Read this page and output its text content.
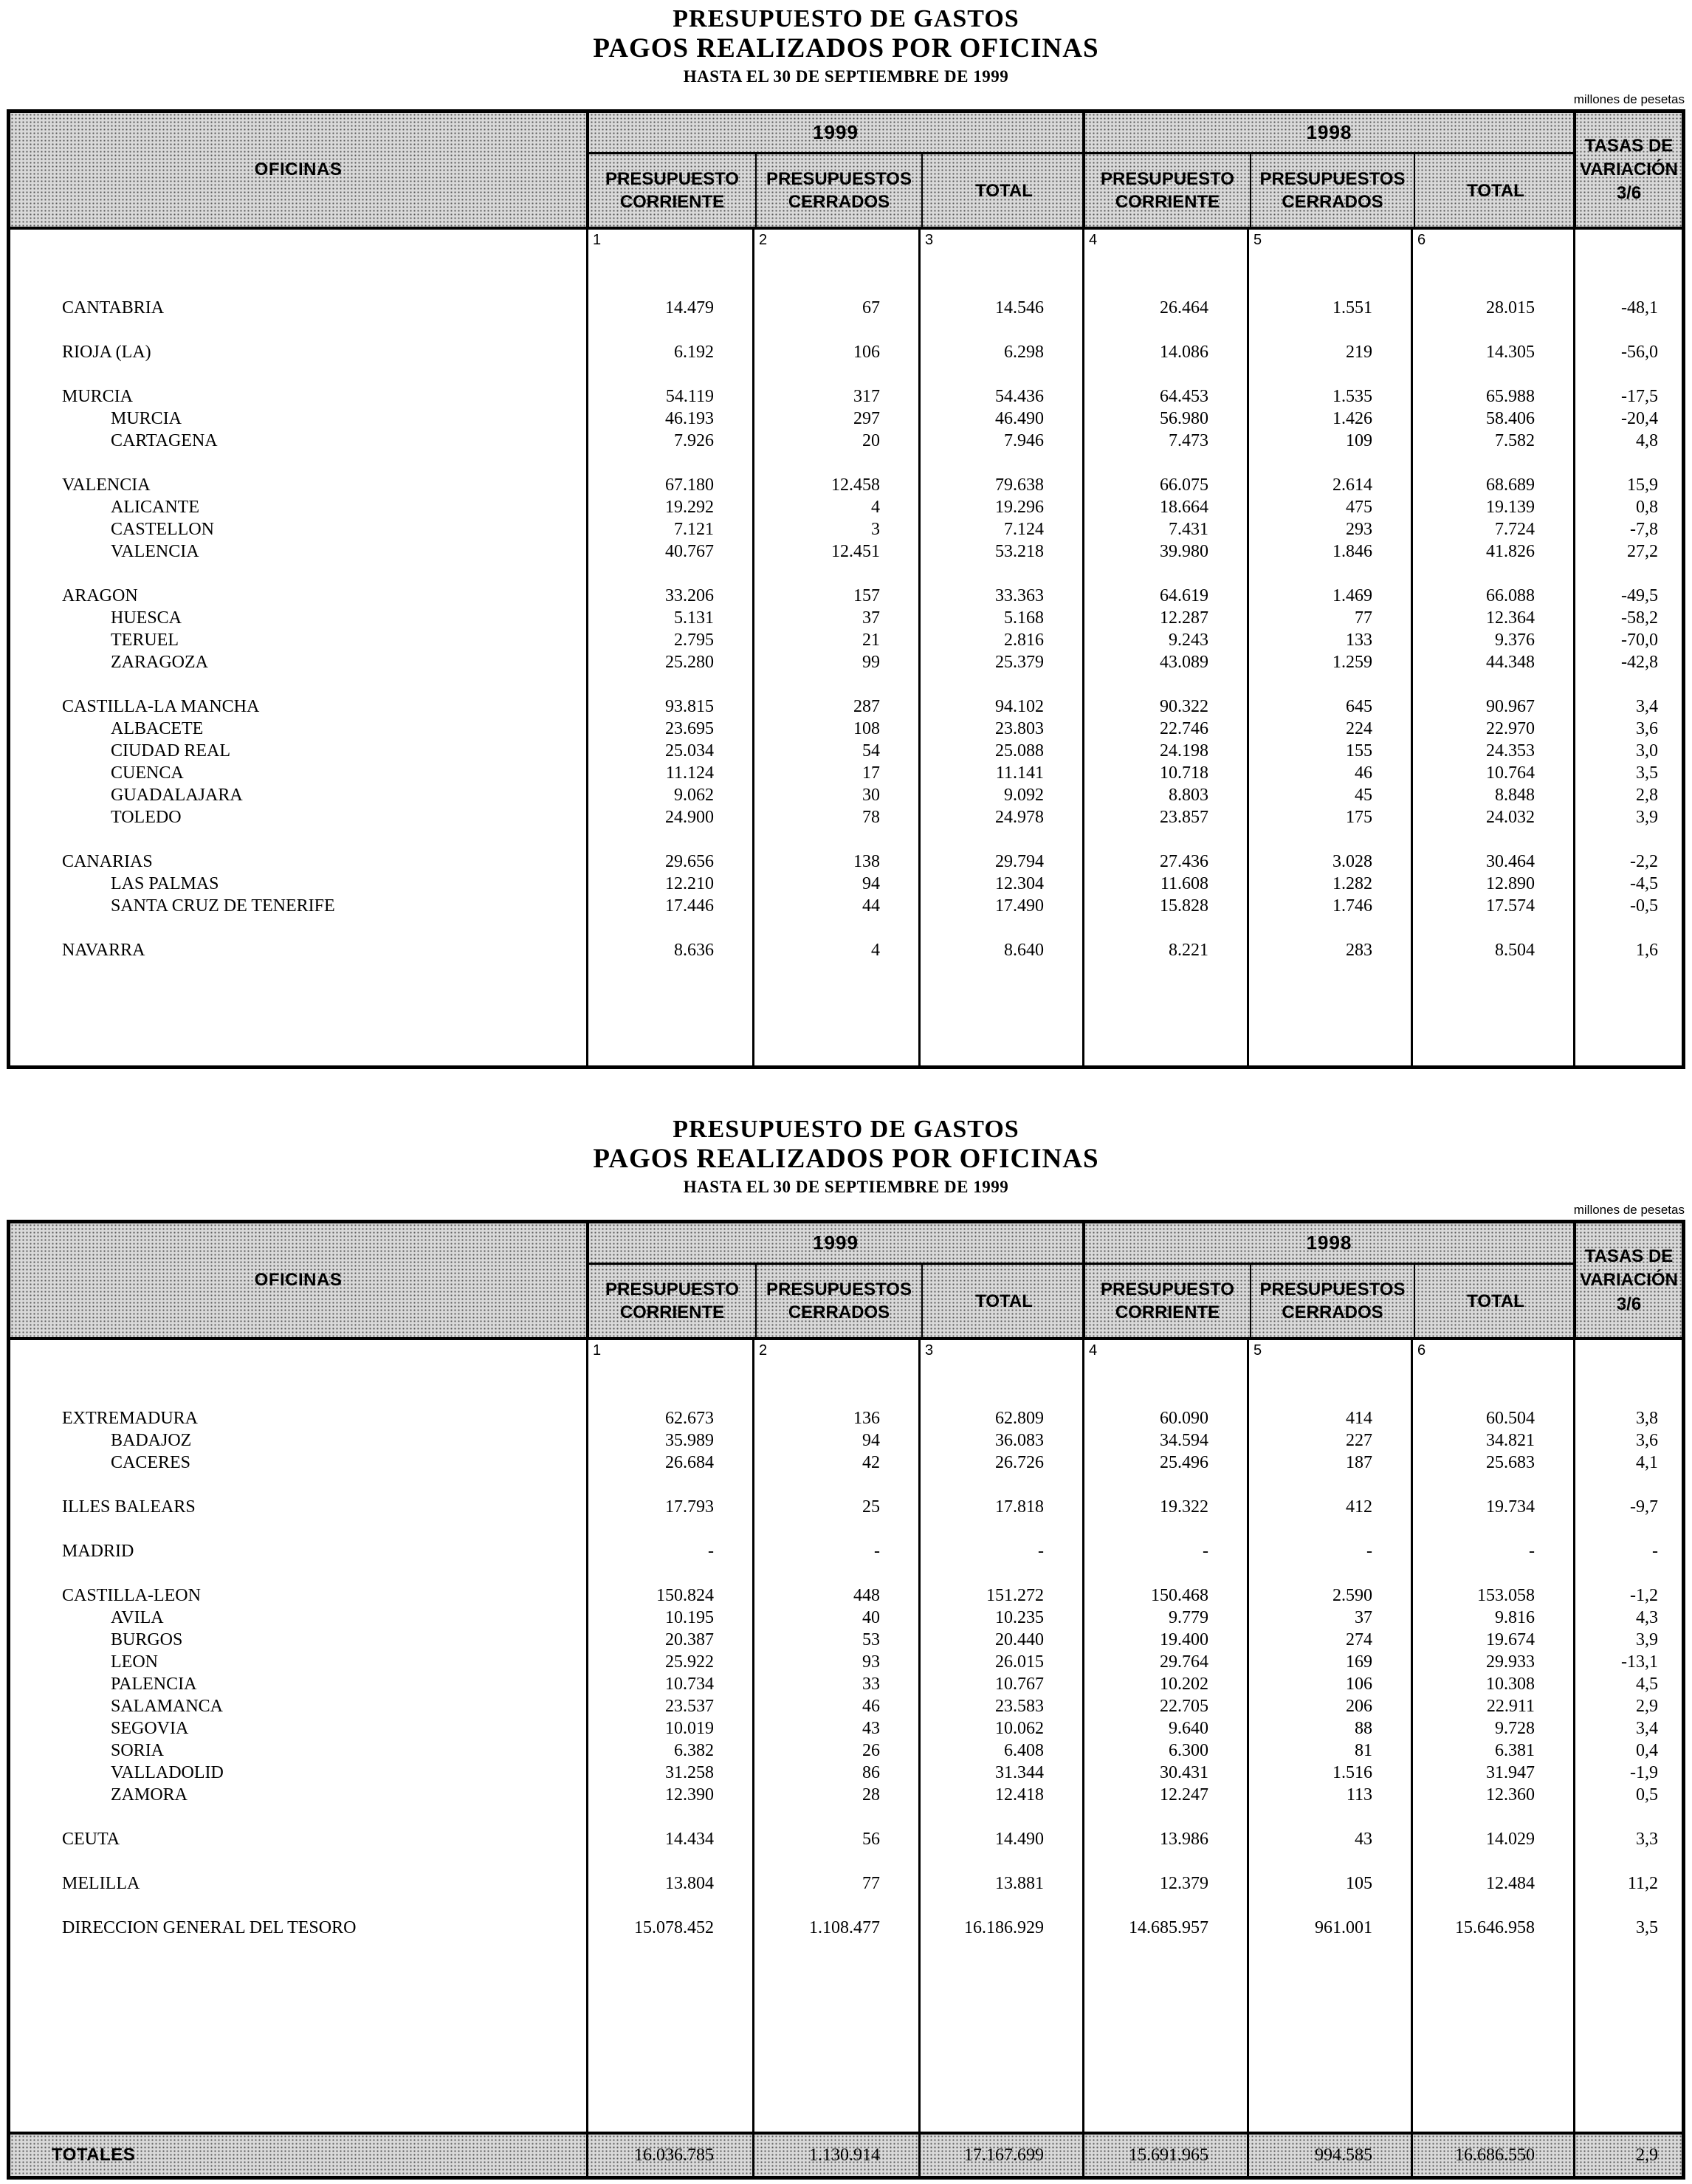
PRESUPUESTO DE GASTOS
PAGOS REALIZADOS POR OFICINAS
HASTA EL 30 DE SEPTIEMBRE DE 1999
millones de pesetas
OFICINAS
1999
PRESUPUESTO CORRIENTE
PRESUPUESTOS CERRADOS
TOTAL
1998
PRESUPUESTO CORRIENTE
PRESUPUESTOS CERRADOS
TOTAL
TASAS DE VARIACIÓN 3/6
1	2	3	4	5	6
CANTABRIA	14.479	67	14.546	26.464	1.551	28.015	-48,1
RIOJA (LA)	6.192	106	6.298	14.086	219	14.305	-56,0
MURCIA	54.119	317	54.436	64.453	1.535	65.988	-17,5
MURCIA	46.193	297	46.490	56.980	1.426	58.406	-20,4
CARTAGENA	7.926	20	7.946	7.473	109	7.582	4,8
VALENCIA	67.180	12.458	79.638	66.075	2.614	68.689	15,9
ALICANTE	19.292	4	19.296	18.664	475	19.139	0,8
CASTELLON	7.121	3	7.124	7.431	293	7.724	-7,8
VALENCIA	40.767	12.451	53.218	39.980	1.846	41.826	27,2
ARAGON	33.206	157	33.363	64.619	1.469	66.088	-49,5
HUESCA	5.131	37	5.168	12.287	77	12.364	-58,2
TERUEL	2.795	21	2.816	9.243	133	9.376	-70,0
ZARAGOZA	25.280	99	25.379	43.089	1.259	44.348	-42,8
CASTILLA-LA MANCHA	93.815	287	94.102	90.322	645	90.967	3,4
ALBACETE	23.695	108	23.803	22.746	224	22.970	3,6
CIUDAD REAL	25.034	54	25.088	24.198	155	24.353	3,0
CUENCA	11.124	17	11.141	10.718	46	10.764	3,5
GUADALAJARA	9.062	30	9.092	8.803	45	8.848	2,8
TOLEDO	24.900	78	24.978	23.857	175	24.032	3,9
CANARIAS	29.656	138	29.794	27.436	3.028	30.464	-2,2
LAS PALMAS	12.210	94	12.304	11.608	1.282	12.890	-4,5
SANTA CRUZ DE TENERIFE	17.446	44	17.490	15.828	1.746	17.574	-0,5
NAVARRA	8.636	4	8.640	8.221	283	8.504	1,6
PRESUPUESTO DE GASTOS
PAGOS REALIZADOS POR OFICINAS
HASTA EL 30 DE SEPTIEMBRE DE 1999
millones de pesetas
OFICINAS
1999
PRESUPUESTO CORRIENTE
PRESUPUESTOS CERRADOS
TOTAL
1998
PRESUPUESTO CORRIENTE
PRESUPUESTOS CERRADOS
TOTAL
TASAS DE VARIACIÓN 3/6
1	2	3	4	5	6
EXTREMADURA	62.673	136	62.809	60.090	414	60.504	3,8
BADAJOZ	35.989	94	36.083	34.594	227	34.821	3,6
CACERES	26.684	42	26.726	25.496	187	25.683	4,1
ILLES BALEARS	17.793	25	17.818	19.322	412	19.734	-9,7
MADRID	-	-	-	-	-	-	-
CASTILLA-LEON	150.824	448	151.272	150.468	2.590	153.058	-1,2
AVILA	10.195	40	10.235	9.779	37	9.816	4,3
BURGOS	20.387	53	20.440	19.400	274	19.674	3,9
LEON	25.922	93	26.015	29.764	169	29.933	-13,1
PALENCIA	10.734	33	10.767	10.202	106	10.308	4,5
SALAMANCA	23.537	46	23.583	22.705	206	22.911	2,9
SEGOVIA	10.019	43	10.062	9.640	88	9.728	3,4
SORIA	6.382	26	6.408	6.300	81	6.381	0,4
VALLADOLID	31.258	86	31.344	30.431	1.516	31.947	-1,9
ZAMORA	12.390	28	12.418	12.247	113	12.360	0,5
CEUTA	14.434	56	14.490	13.986	43	14.029	3,3
MELILLA	13.804	77	13.881	12.379	105	12.484	11,2
DIRECCION GENERAL DEL TESORO	15.078.452	1.108.477	16.186.929	14.685.957	961.001	15.646.958	3,5
TOTALES	16.036.785	1.130.914	17.167.699	15.691.965	994.585	16.686.550	2,9
